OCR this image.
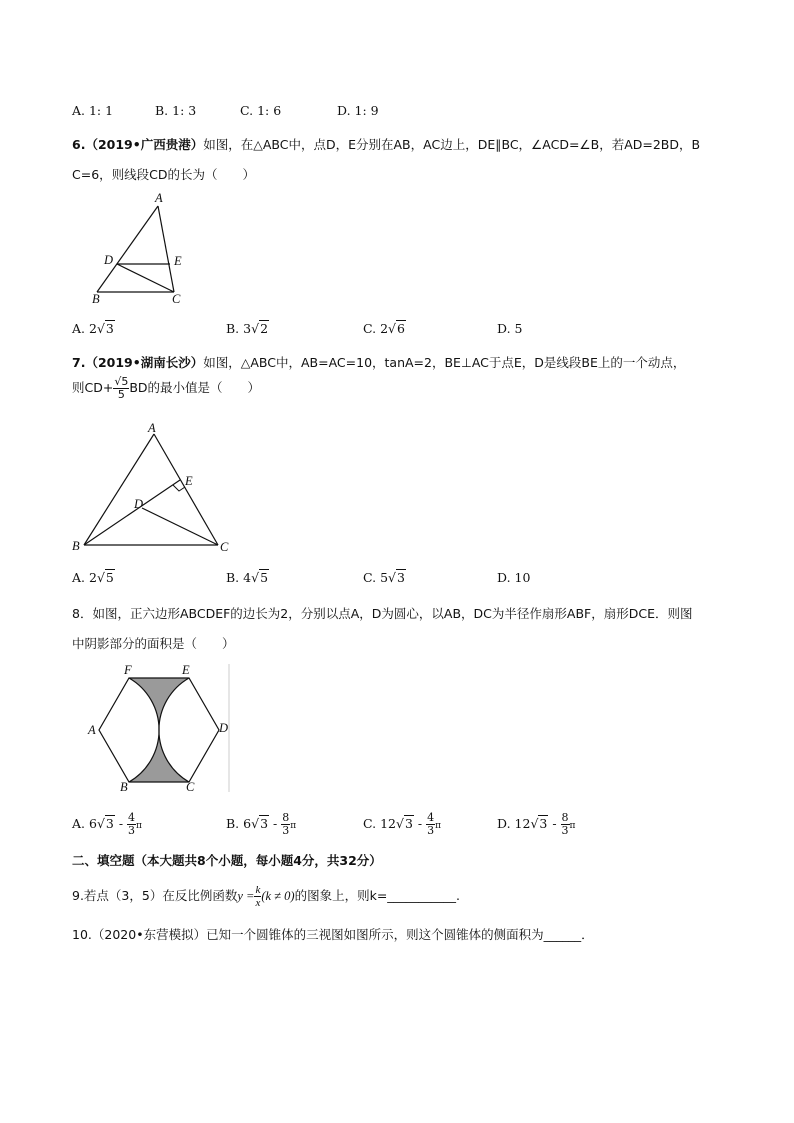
A. 1: 1	B. 1: 3	C. 1: 6	D. 1: 9
6.（2019•广西贵港）如图，在△ABC中，点D，E分别在AB，AC边上，DE∥BC，∠ACD=∠B，若AD=2BD，B
C=6，则线段CD的长为（　　）
A
D	E
B	C
A. 2√3	B. 3√2	C. 2√6	D. 5
7.（2019•湖南长沙）如图，△ABC中，AB=AC=10，tanA=2，BE⊥AC于点E，D是线段BE上的一个动点，
则$CD+ \frac{√5}{5}$ BD的最小值是（　　）
A
E
D
B	C
A. 2√5	B. 4√5	C. 5√3	D. 10
8．如图，正六边形ABCDEF的边长为2，分别以点A，D为圆心，以AB，DC为半径作扇形ABF，扇形DCE．则图
中阴影部分的面积是（　　）
F	E
A	D
B	C
A. $6√3 - \frac{4}{3}$ π	B. $6√3 - \frac{8}{3}$ π	C. $12√3 - \frac{4}{3}$ π	D. $12√3 - \frac{8}{3}$ π
二、填空题（本大题共8个小题，每小题4分，共32分）
9.若点（3，5）在反比例函数$y = \frac{k}{x} (k \ne 0)$的图象上，则k=___________.
10.（2020•东营模拟）已知一个圆锥体的三视图如图所示，则这个圆锥体的侧面积为______．
